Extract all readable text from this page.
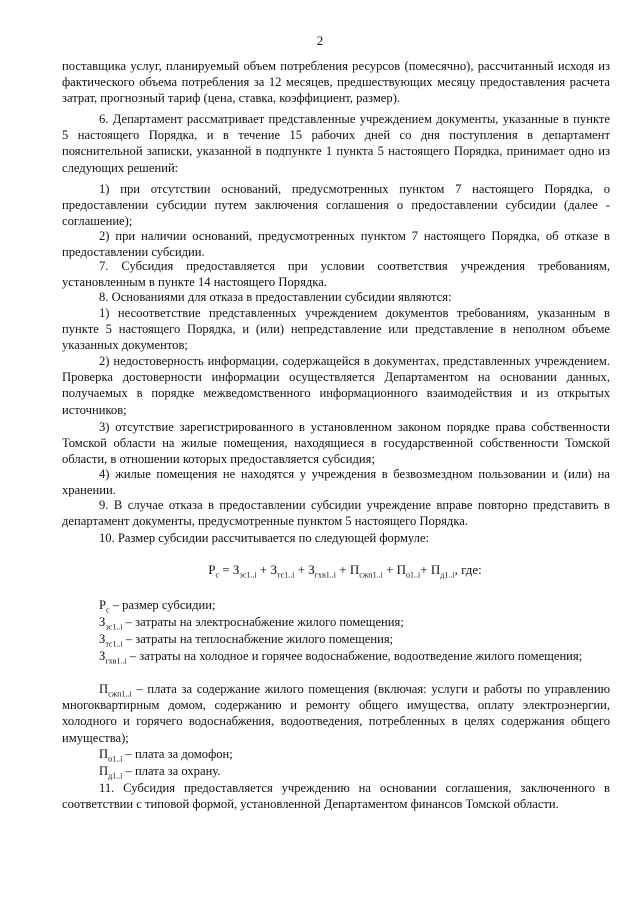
2

поставщика услуг, планируемый объем потребления ресурсов (помесячно), рассчитанный исходя из фактического объема потребления за 12 месяцев, предшествующих месяцу предоставления расчета затрат, прогнозный тариф (цена, ставка, коэффициент, размер).

6. Департамент рассматривает представленные учреждением документы, указанные в пункте 5 настоящего Порядка, и в течение 15 рабочих дней со дня поступления в департамент пояснительной записки, указанной в подпункте 1 пункта 5 настоящего Порядка, принимает одно из следующих решений:

1) при отсутствии оснований, предусмотренных пунктом 7 настоящего Порядка, о предоставлении субсидии путем заключения соглашения о предоставлении субсидии (далее - соглашение);

2) при наличии оснований, предусмотренных пунктом 7 настоящего Порядка, об отказе в предоставлении субсидии.

7. Субсидия предоставляется при условии соответствия учреждения требованиям, установленным в пункте 14 настоящего Порядка.

8. Основаниями для отказа в предоставлении субсидии являются:

1) несоответствие представленных учреждением документов требованиям, указанным в пункте 5 настоящего Порядка, и (или) непредставление или представление в неполном объеме указанных документов;

2) недостоверность информации, содержащейся в документах, представленных учреждением. Проверка достоверности информации осуществляется Департаментом на основании данных, получаемых в порядке межведомственного информационного взаимодействия и из открытых источников;

3) отсутствие зарегистрированного в установленном законом порядке права собственности Томской области на жилые помещения, находящиеся в государственной собственности Томской области, в отношении которых предоставляется субсидия;

4) жилые помещения не находятся у учреждения в безвозмездном пользовании и (или) на хранении.

9. В случае отказа в предоставлении субсидии учреждение вправе повторно представить в департамент документы, предусмотренные пунктом 5 настоящего Порядка.

10. Размер субсидии рассчитывается по следующей формуле:

$Р_с = З_{эс1..i} + З_{тс1..i} + З_{гхв1..i} + П_{сжп1..i} + П_{о1..i}+ П_{д1..i}$, где:

$Р_с$ – размер субсидии;

$З_{эс1..i}$ – затраты на электроснабжение жилого помещения;

$З_{тс1..i}$ – затраты на теплоснабжение жилого помещения;

$З_{гхв1..i}$ – затраты на холодное и горячее водоснабжение, водоотведение жилого помещения;

$П_{сжп1..i}$ – плата за содержание жилого помещения (включая: услуги и работы по управлению многоквартирным домом, содержанию и ремонту общего имущества, оплату электроэнергии, холодного и горячего водоснабжения, водоотведения, потребленных в целях содержания общего имущества);

$П_{о1..i}$ – плата за домофон;

$П_{д1..i}$ – плата за охрану.

11. Субсидия предоставляется учреждению на основании соглашения, заключенного в соответствии с типовой формой, установленной Департаментом финансов Томской области.
